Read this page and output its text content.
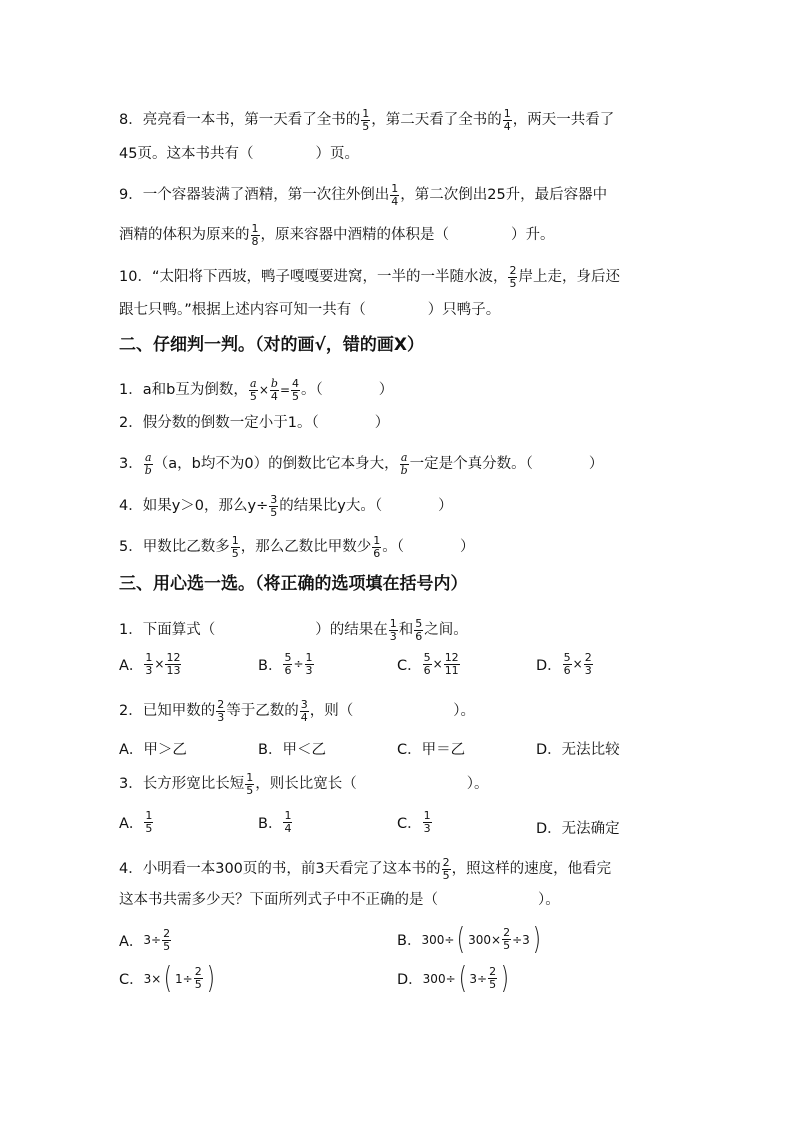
8．亮亮看一本书，第一天看了全书的 $\frac{1}{5}$ ，第二天看了全书的 $\frac{1}{4}$ ，两天一共看了
45页。这本书共有（	）页。
9．一个容器装满了酒精，第一次往外倒出 $\frac{1}{4}$ ，第二次倒出25升，最后容器中
酒精的体积为原来的 $\frac{1}{8}$ ，原来容器中酒精的体积是（	）升。
10．“太阳将下西坡，鸭子嘎嘎要进窝，一半的一半随水波， $\frac{2}{5}$ 岸上走，身后还
跟七只鸭。”根据上述内容可知一共有（	）只鸭子。
二、仔细判一判。（对的画√，错的画X）
1．a和b互为倒数， $\frac{a}{5} \times \frac{b}{4} = \frac{4}{5}$ 。（	）
2．假分数的倒数一定小于1。（	）
3． $\frac{a}{b} (a$，b均不为0）的倒数比它本身大， $\frac{a}{b}$ 一定是个真分数。（	）
4．如果y＞0，那么$y\div \frac{3}{5}$ 的结果比y大。（	）
5．甲数比乙数多 $\frac{1}{5}$ ，那么乙数比甲数少 $\frac{1}{6}$ 。（	）
三、用心选一选。（将正确的选项填在括号内）
1．下面算式（	）的结果在 $\frac{1}{3}$ 和 $\frac{5}{6}$ 之间。
A． $\frac{1}{3} \times \frac{12}{13}$	B． $\frac{5}{6} \div \frac{1}{3}$	C． $\frac{5}{6} \times \frac{12}{11}$	D． $\frac{5}{6} \times \frac{2}{3}$
2．已知甲数的 $\frac{2}{3}$ 等于乙数的 $\frac{3}{4}$ ，则（	）。
A．甲＞乙	B．甲＜乙	C．甲＝乙	D．无法比较
3．长方形宽比长短 $\frac{1}{5}$ ，则长比宽长（	）。
A． $\frac{1}{5}$	B． $\frac{1}{4}$	C． $\frac{1}{3}$	D．无法确定
4．小明看一本300页的书，前3天看完了这本书的 $\frac{2}{5}$ ，照这样的速度，他看完
这本书共需多少天？下面所列式子中不正确的是（	）。
A． $3\div \frac{2}{5}$	B． 300÷ ( $300\times \frac{2}{5} \div 3$ )
C． 3× ( $1\div \frac{2}{5}$ )	D． 300÷ ( $3\div \frac{2}{5}$ )
